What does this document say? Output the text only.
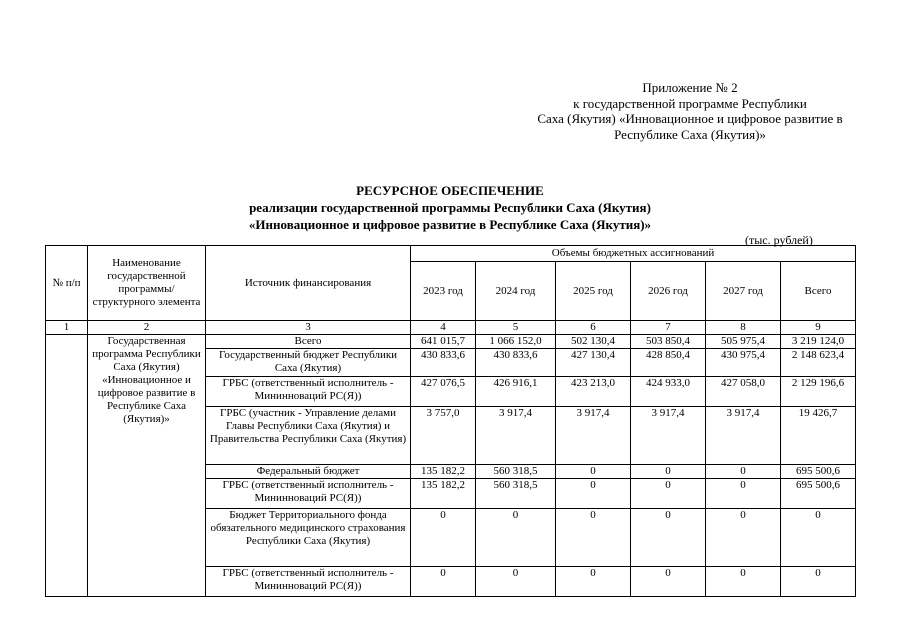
Приложение № 2
к государственной программе Республики
Саха (Якутия) «Инновационное и цифровое развитие в
Республике Саха (Якутия)»
РЕСУРСНОЕ ОБЕСПЕЧЕНИЕ
реализации государственной программы Республики Саха (Якутия)
«Инновационное и цифровое развитие в Республике Саха (Якутия)»
(тыс. рублей)
№ п/п	Наименование государственной программы/ структурного элемента	Источник финансирования	Объемы бюджетных ассигнований					
			2023 год	2024 год	2025 год	2026 год	2027 год	Всего
1	2	3	4	5	6	7	8	9
	Государственная программа Республики Саха (Якутия) «Инновационное и цифровое развитие в Республике Саха (Якутия)»	Всего	641 015,7	1 066 152,0	502 130,4	503 850,4	505 975,4	3 219 124,0
		Государственный бюджет Республики Саха (Якутия)	430 833,6	430 833,6	427 130,4	428 850,4	430 975,4	2 148 623,4
		ГРБС (ответственный исполнитель - Мининноваций РС(Я))	427 076,5	426 916,1	423 213,0	424 933,0	427 058,0	2 129 196,6
		ГРБС (участник - Управление делами Главы Республики Саха (Якутия) и Правительства Республики Саха (Якутия)	3 757,0	3 917,4	3 917,4	3 917,4	3 917,4	19 426,7
		Федеральный бюджет	135 182,2	560 318,5	0	0	0	695 500,6
		ГРБС (ответственный исполнитель - Мининноваций РС(Я))	135 182,2	560 318,5	0	0	0	695 500,6
		Бюджет Территориального фонда обязательного медицинского страхования Республики Саха (Якутия)	0	0	0	0	0	0
		ГРБС (ответственный исполнитель - Мининноваций РС(Я))	0	0	0	0	0	0
